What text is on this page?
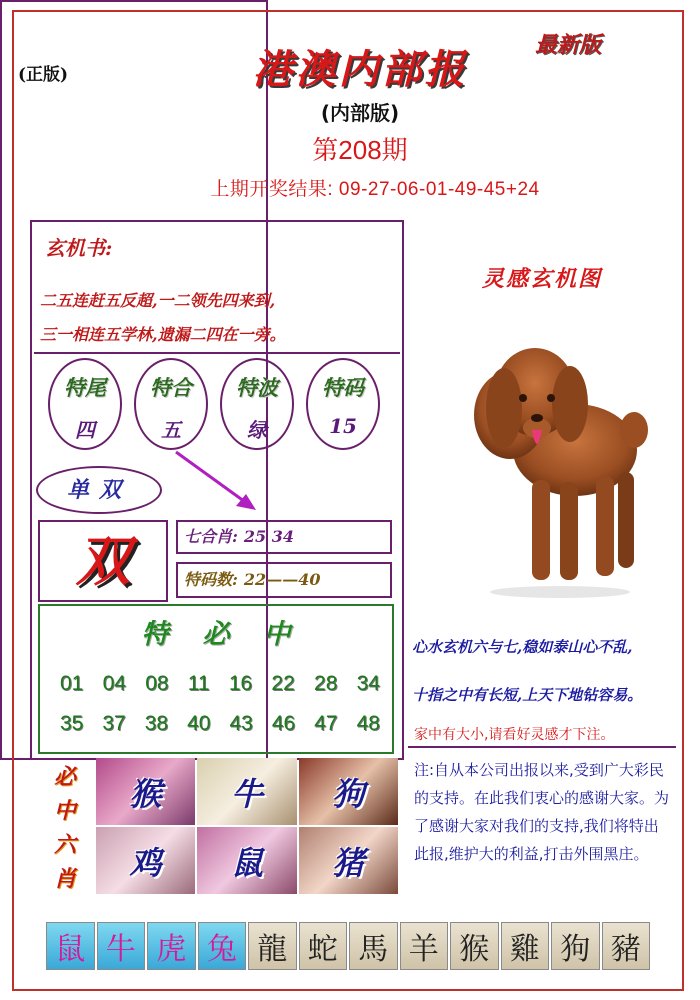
(正版)
最新版
港澳内部报
(内部版)
第208期
上期开奖结果: 09-27-06-01-49-45+24
玄机书:
二五连赶五反超,一二领先四来到,
三一相连五学林,遗漏二四在一旁。
特尾
四
特合
五
特波
绿
特码
15
单双
双	七合肖: 25 34
特码数: 22——40
特必中
01 04 08 11 16 22 28 34
35 37 38 40 43 46 47 48
必
中
六
肖
猴	牛	狗
鸡	鼠	猪
灵感玄机图
心水玄机六与七,稳如泰山心不乱,
十指之中有长短,上天下地钻容易。
家中有大小,请看好灵感才下注。
注:自从本公司出报以来,受到广大彩民的支持。在此我们衷心的感谢大家。为了感谢大家对我们的支持,我们将特出此报,维护大的利益,打击外围黑庄。
鼠 牛 虎 兔 龍 蛇 馬 羊 猴 雞 狗 豬
